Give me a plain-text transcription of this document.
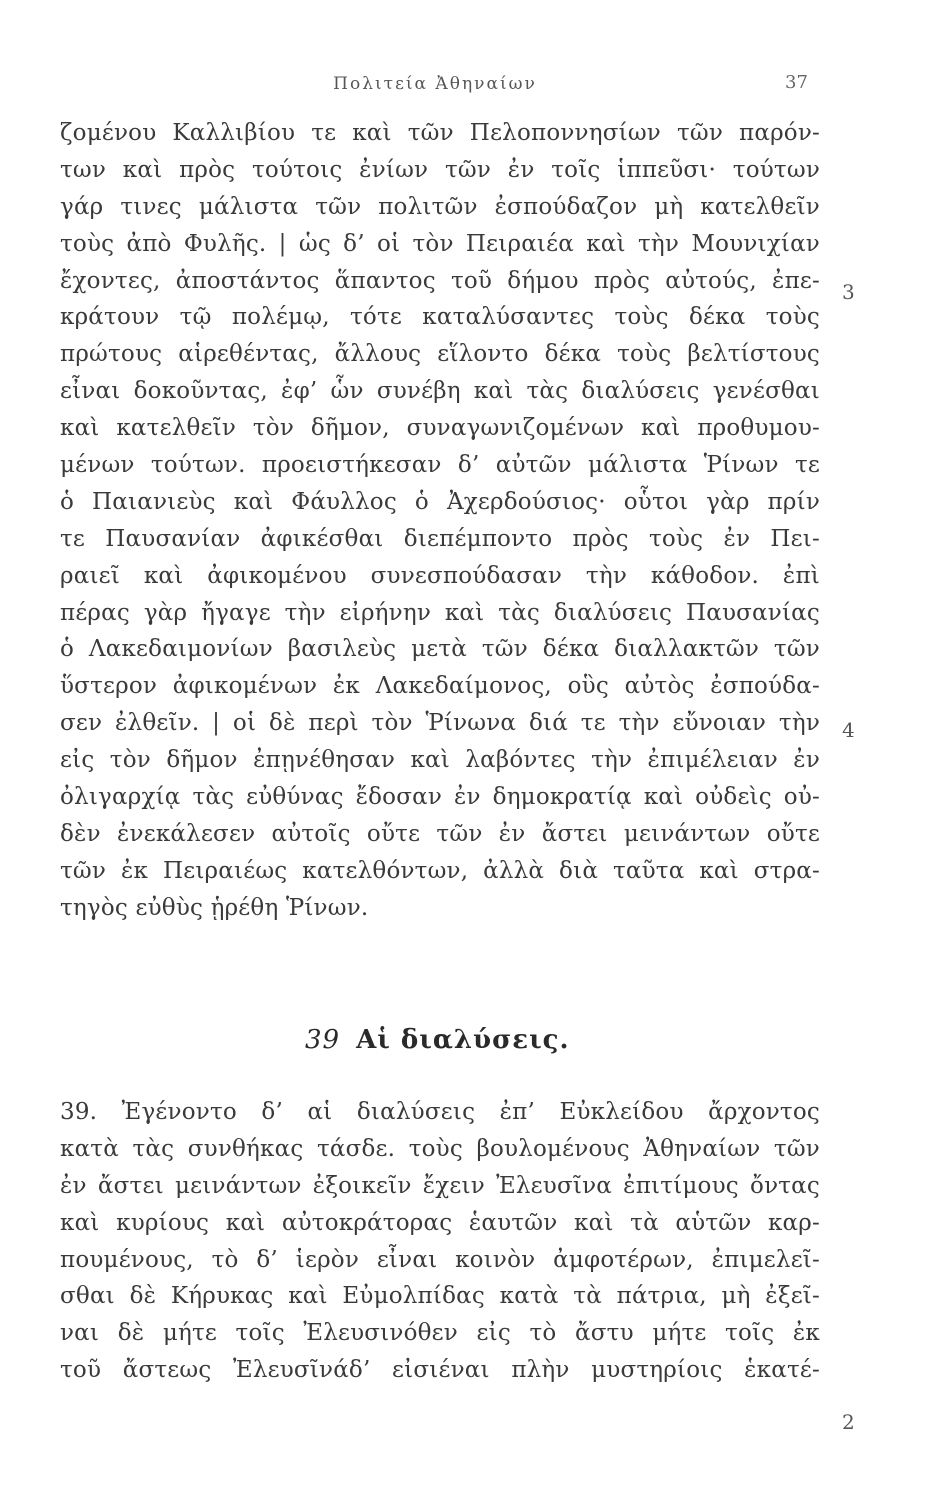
Πολιτεία Ἀθηναίων	37
3
4
2
ζομένου Καλλιβίου τε καὶ τῶν Πελοποννησίων τῶν παρόν-
των καὶ πρὸς τούτοις ἐνίων τῶν ἐν τοῖς ἱππεῦσι· τούτων
γάρ τινες μάλιστα τῶν πολιτῶν ἐσπούδαζον μὴ κατελθεῖν
τοὺς ἀπὸ Φυλῆς. | ὡς δ’ οἱ τὸν Πειραιέα καὶ τὴν Μουνιχίαν
ἔχοντες, ἀποστάντος ἅπαντος τοῦ δήμου πρὸς αὐτούς, ἐπε-
κράτουν τῷ πολέμῳ, τότε καταλύσαντες τοὺς δέκα τοὺς
πρώτους αἱρεθέντας, ἄλλους εἵλοντο δέκα τοὺς βελτίστους
εἶναι δοκοῦντας, ἐφ’ ὧν συνέβη καὶ τὰς διαλύσεις γενέσθαι
καὶ κατελθεῖν τὸν δῆμον, συναγωνιζομένων καὶ προθυμου-
μένων τούτων. προειστήκεσαν δ’ αὐτῶν μάλιστα Ῥίνων τε
ὁ Παιανιεὺς καὶ Φάυλλος ὁ Ἀχερδούσιος· οὗτοι γὰρ πρίν
τε Παυσανίαν ἀφικέσθαι διεπέμποντο πρὸς τοὺς ἐν Πει-
ραιεῖ καὶ ἀφικομένου συνεσπούδασαν τὴν κάθοδον. ἐπὶ
πέρας γὰρ ἤγαγε τὴν εἰρήνην καὶ τὰς διαλύσεις Παυσανίας
ὁ Λακεδαιμονίων βασιλεὺς μετὰ τῶν δέκα διαλλακτῶν τῶν
ὕστερον ἀφικομένων ἐκ Λακεδαίμονος, οὓς αὐτὸς ἐσπούδα-
σεν ἐλθεῖν. | οἱ δὲ περὶ τὸν Ῥίνωνα διά τε τὴν εὔνοιαν τὴν
εἰς τὸν δῆμον ἐπῃνέθησαν καὶ λαβόντες τὴν ἐπιμέλειαν ἐν
ὀλιγαρχίᾳ τὰς εὐθύνας ἔδοσαν ἐν δημοκρατίᾳ καὶ οὐδεὶς οὐ-
δὲν ἐνεκάλεσεν αὐτοῖς οὔτε τῶν ἐν ἄστει μεινάντων οὔτε
τῶν ἐκ Πειραιέως κατελθόντων, ἀλλὰ διὰ ταῦτα καὶ στρα-
τηγὸς εὐθὺς ᾑρέθη Ῥίνων.
39 Αἱ διαλύσεις.
39. Ἐγένοντο δ’ αἱ διαλύσεις ἐπ’ Εὐκλείδου ἄρχοντος
κατὰ τὰς συνθήκας τάσδε. τοὺς βουλομένους Ἀθηναίων τῶν
ἐν ἄστει μεινάντων ἐξοικεῖν ἔχειν Ἐλευσῖνα ἐπιτίμους ὄντας
καὶ κυρίους καὶ αὐτοκράτορας ἑαυτῶν καὶ τὰ αὑτῶν καρ-
πουμένους, τὸ δ’ ἱερὸν εἶναι κοινὸν ἀμφοτέρων, ἐπιμελεῖ-
σθαι δὲ Κήρυκας καὶ Εὐμολπίδας κατὰ τὰ πάτρια, μὴ ἐξεῖ-
ναι δὲ μήτε τοῖς Ἐλευσινόθεν εἰς τὸ ἄστυ μήτε τοῖς ἐκ
τοῦ ἄστεως Ἐλευσῖνάδ’ εἰσιέναι πλὴν μυστηρίοις ἑκατέ-
